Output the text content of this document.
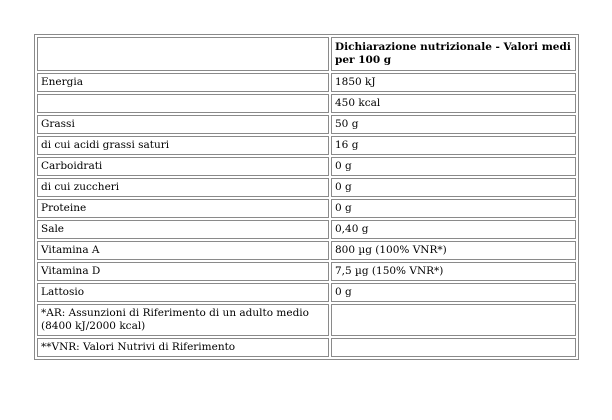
	Dichiarazione nutrizionale - Valori medi per 100 g
Energia	1850 kJ
	450 kcal
Grassi	50 g
di cui acidi grassi saturi	16 g
Carboidrati	0 g
di cui zuccheri	0 g
Proteine	0 g
Sale	0,40 g
Vitamina A	800 µg (100% VNR*)
Vitamina D	7,5 µg (150% VNR*)
Lattosio	0 g
*AR: Assunzioni di Riferimento di un adulto medio (8400 kJ/2000 kcal)	
**VNR: Valori Nutrivi di Riferimento	
